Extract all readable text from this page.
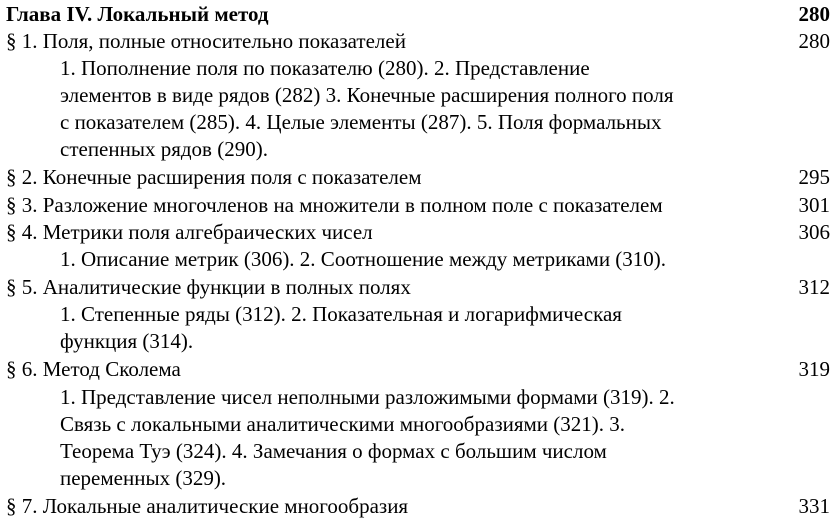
Глава IV. Локальный метод	280
§ 1. Поля, полные относительно показателей	280
1. Пополнение поля по показателю (280). 2. Представление
элементов в виде рядов (282) 3. Конечные расширения полного поля
с показателем (285). 4. Целые элементы (287). 5. Поля формальных
степенных рядов (290).
§ 2. Конечные расширения поля с показателем	295
§ 3. Разложение многочленов на множители в полном поле с показателем	301
§ 4. Метрики поля алгебраических чисел	306
1. Описание метрик (306). 2. Соотношение между метриками (310).
§ 5. Аналитические функции в полных полях	312
1. Степенные ряды (312). 2. Показательная и логарифмическая
функция (314).
§ 6. Метод Сколема	319
1. Представление чисел неполными разложимыми формами (319). 2.
Связь с локальными аналитическими многообразиями (321). 3.
Теорема Туэ (324). 4. Замечания о формах с большим числом
переменных (329).
§ 7. Локальные аналитические многообразия	331
